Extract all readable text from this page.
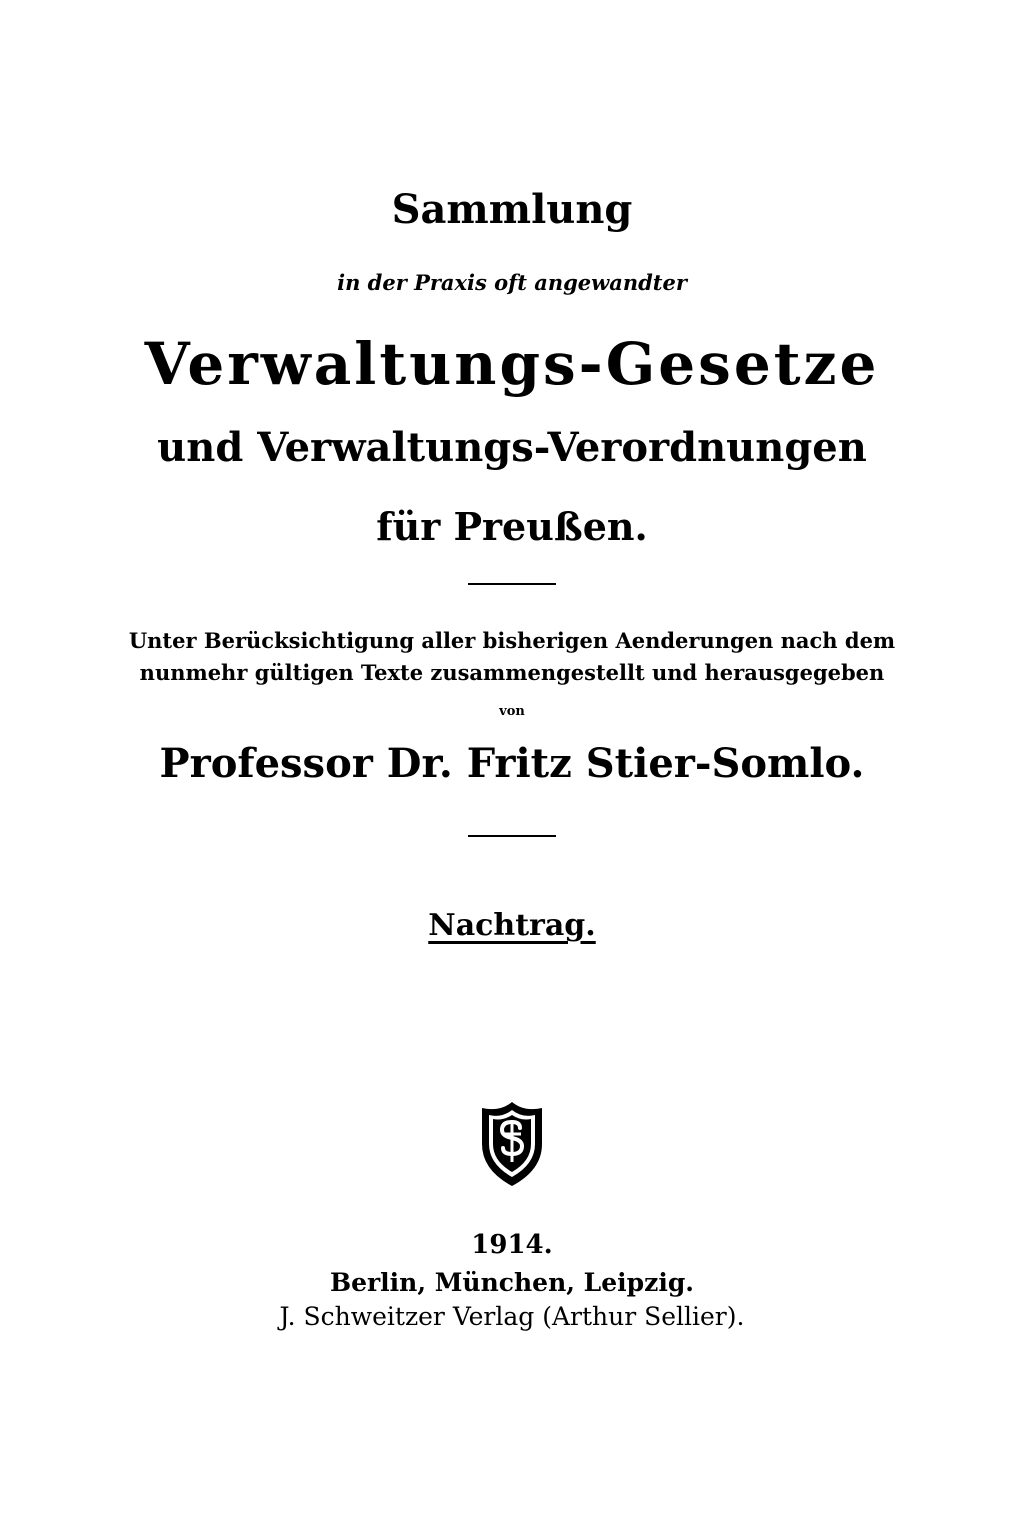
Sammlung
in der Praxis oft angewandter
Verwaltungs-Gesetze
und Verwaltungs-Verordnungen
für Preußen.
Unter Berücksichtigung aller bisherigen Aenderungen nach dem
nunmehr gültigen Texte zusammengestellt und herausgegeben
von
Professor Dr. Fritz Stier-Somlo.
Nachtrag.
1914.
Berlin, München, Leipzig.
J. Schweitzer Verlag (Arthur Sellier).
